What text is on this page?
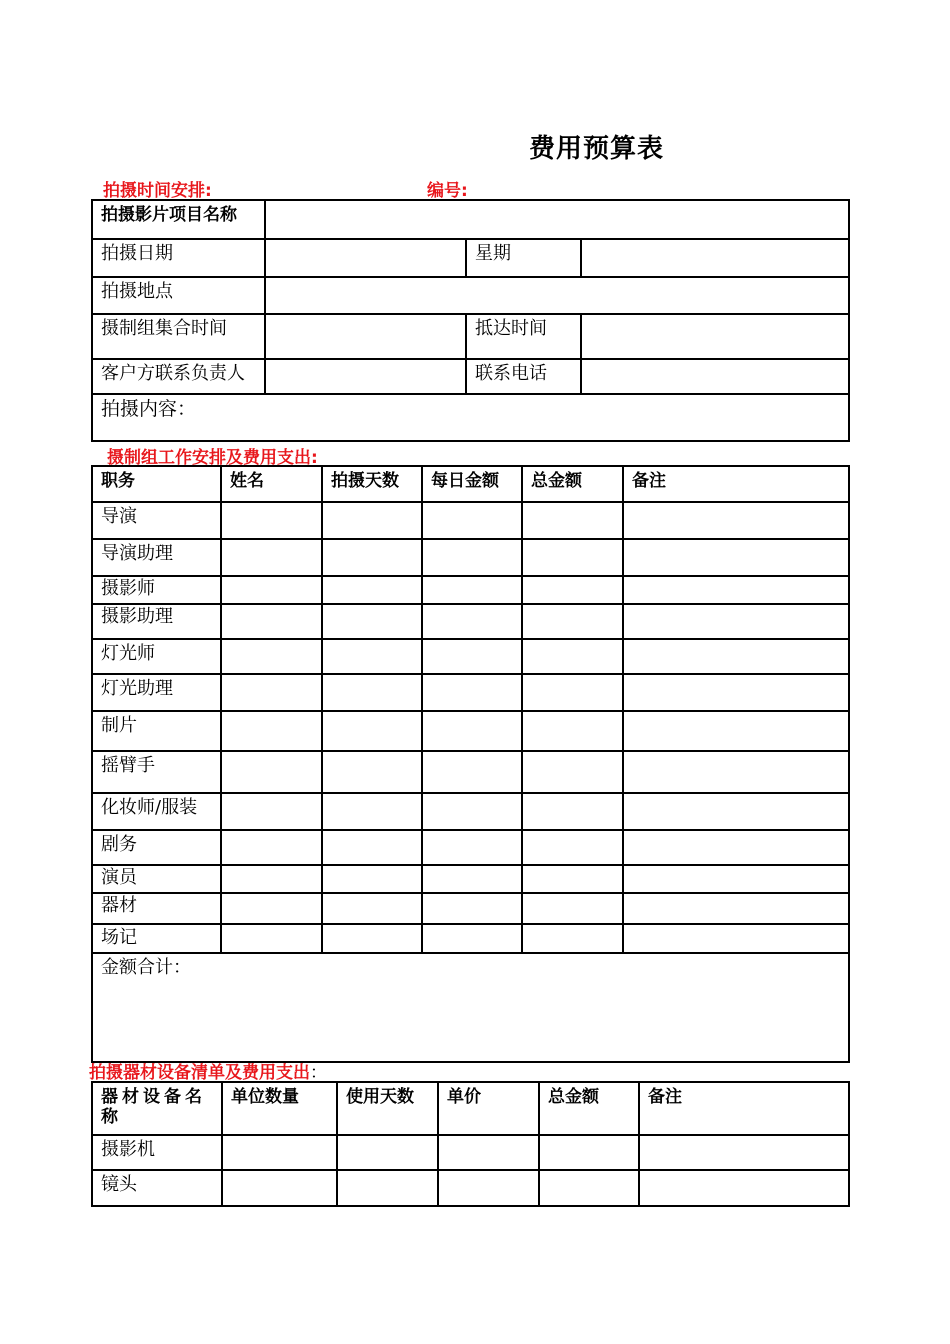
费用预算表
拍摄时间安排:	编号:
拍摄影片项目名称			
拍摄日期		星期	
拍摄地点			
摄制组集合时间		抵达时间	
客户方联系负责人		联系电话	
拍摄内容：			
摄制组工作安排及费用支出:
职务	姓名	拍摄天数	每日金额	总金额	备注
导演					
导演助理					
摄影师					
摄影助理					
灯光师					
灯光助理					
制片					
摇臂手					
化妆师/服装					
剧务					
演员					
器材					
场记					
金额合计：					
拍摄器材设备清单及费用支出：
器材设备名称	单位数量	使用天数	单价	总金额	备注
摄影机					
镜头					
